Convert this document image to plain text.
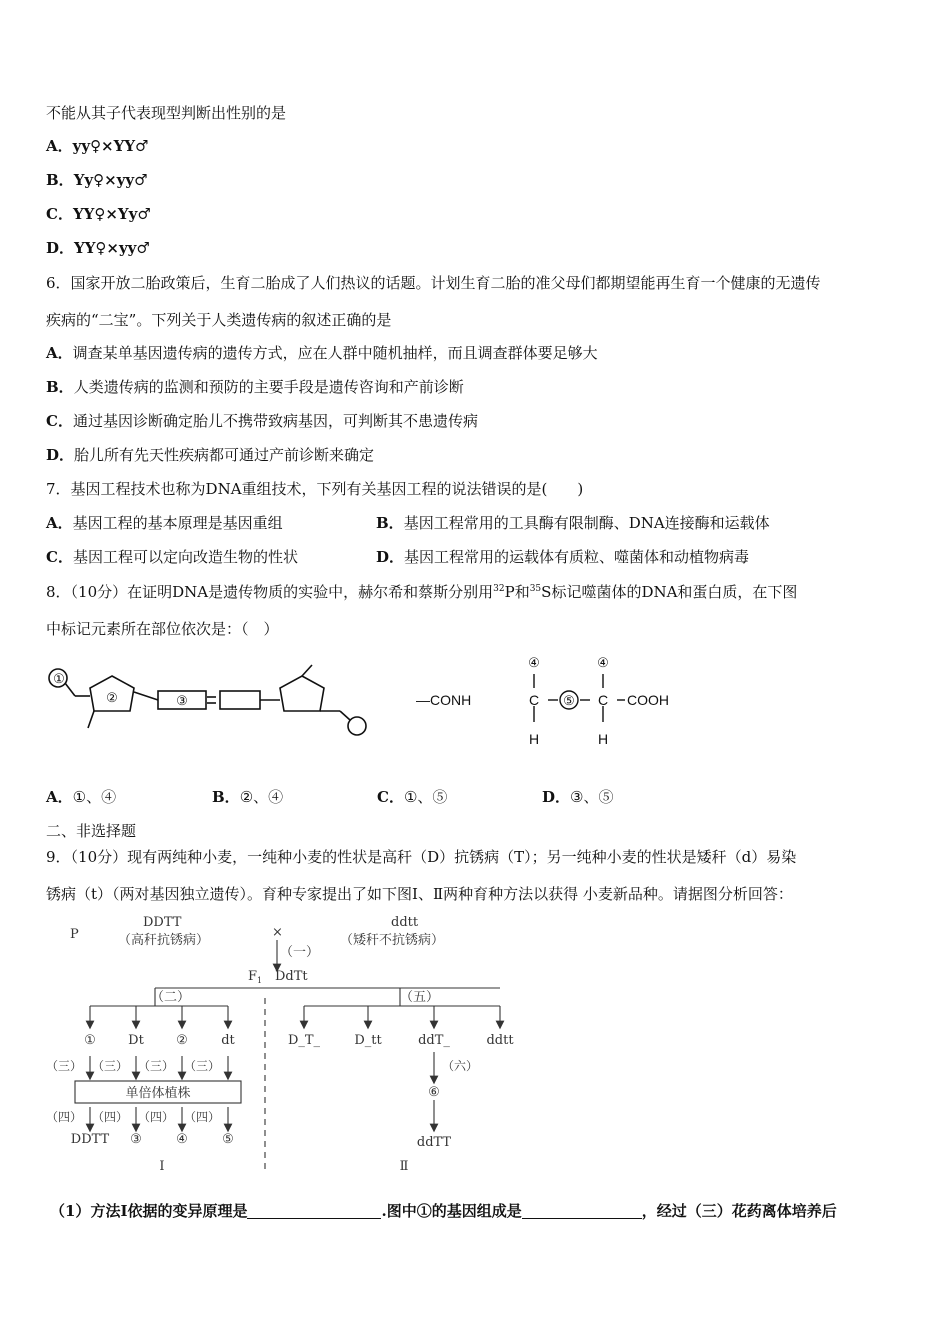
不能从其子代表现型判断出性别的是
A．yy♀×YY♂
B．Yy♀×yy♂
C．YY♀×Yy♂
D．YY♀×yy♂
6．国家开放二胎政策后，生育二胎成了人们热议的话题。计划生育二胎的准父母们都期望能再生育一个健康的无遗传
疾病的“二宝”。下列关于人类遗传病的叙述正确的是
A．调查某单基因遗传病的遗传方式，应在人群中随机抽样，而且调查群体要足够大
B．人类遗传病的监测和预防的主要手段是遗传咨询和产前诊断
C．通过基因诊断确定胎儿不携带致病基因，可判断其不患遗传病
D．胎儿所有先天性疾病都可通过产前诊断来确定
7．基因工程技术也称为DNA重组技术，下列有关基因工程的说法错误的是(　　)
A．基因工程的基本原理是基因重组	B．基因工程常用的工具酶有限制酶、DNA连接酶和运载体
C．基因工程可以定向改造生物的性状	D．基因工程常用的运载体有质粒、噬菌体和动植物病毒
8．（10分）在证明DNA是遗传物质的实验中，赫尔希和蔡斯分别用$^{32}$P和$^{35}$S标记噬菌体的DNA和蛋白质，在下图
中标记元素所在部位依次是：（　）
①
②	③	—CONH	C
H
C
H
COOH
④
⑤
④
A．①、④	B．②、④	C．①、⑤	D．③、⑤
二、非选择题
9．（10分）现有两纯种小麦，一纯种小麦的性状是高秆（D）抗锈病（T）；另一纯种小麦的性状是矮秆（d）易染
锈病（t）（两对基因独立遗传）。育种专家提出了如下图Ⅰ、Ⅱ两种育种方法以获得 小麦新品种。请据图分析回答：
P
DDTT
（高秆抗锈病）
×
（一）
ddtt
（矮秆不抗锈病）
$F_1$ DdTt
（二）	（五）
① Dt ②	dt	D_T_	D_tt	ddT_	ddtt
（三） （三） （三） （三）
（四） （四） （四） （四）
（六）
单倍体植株
DDTT ③	④	⑤
⑥
ddTT
Ⅰ	Ⅱ
（1）方法Ⅰ依据的变异原理是	.图中①的基因组成是	，经过（三）花药离体培养后
